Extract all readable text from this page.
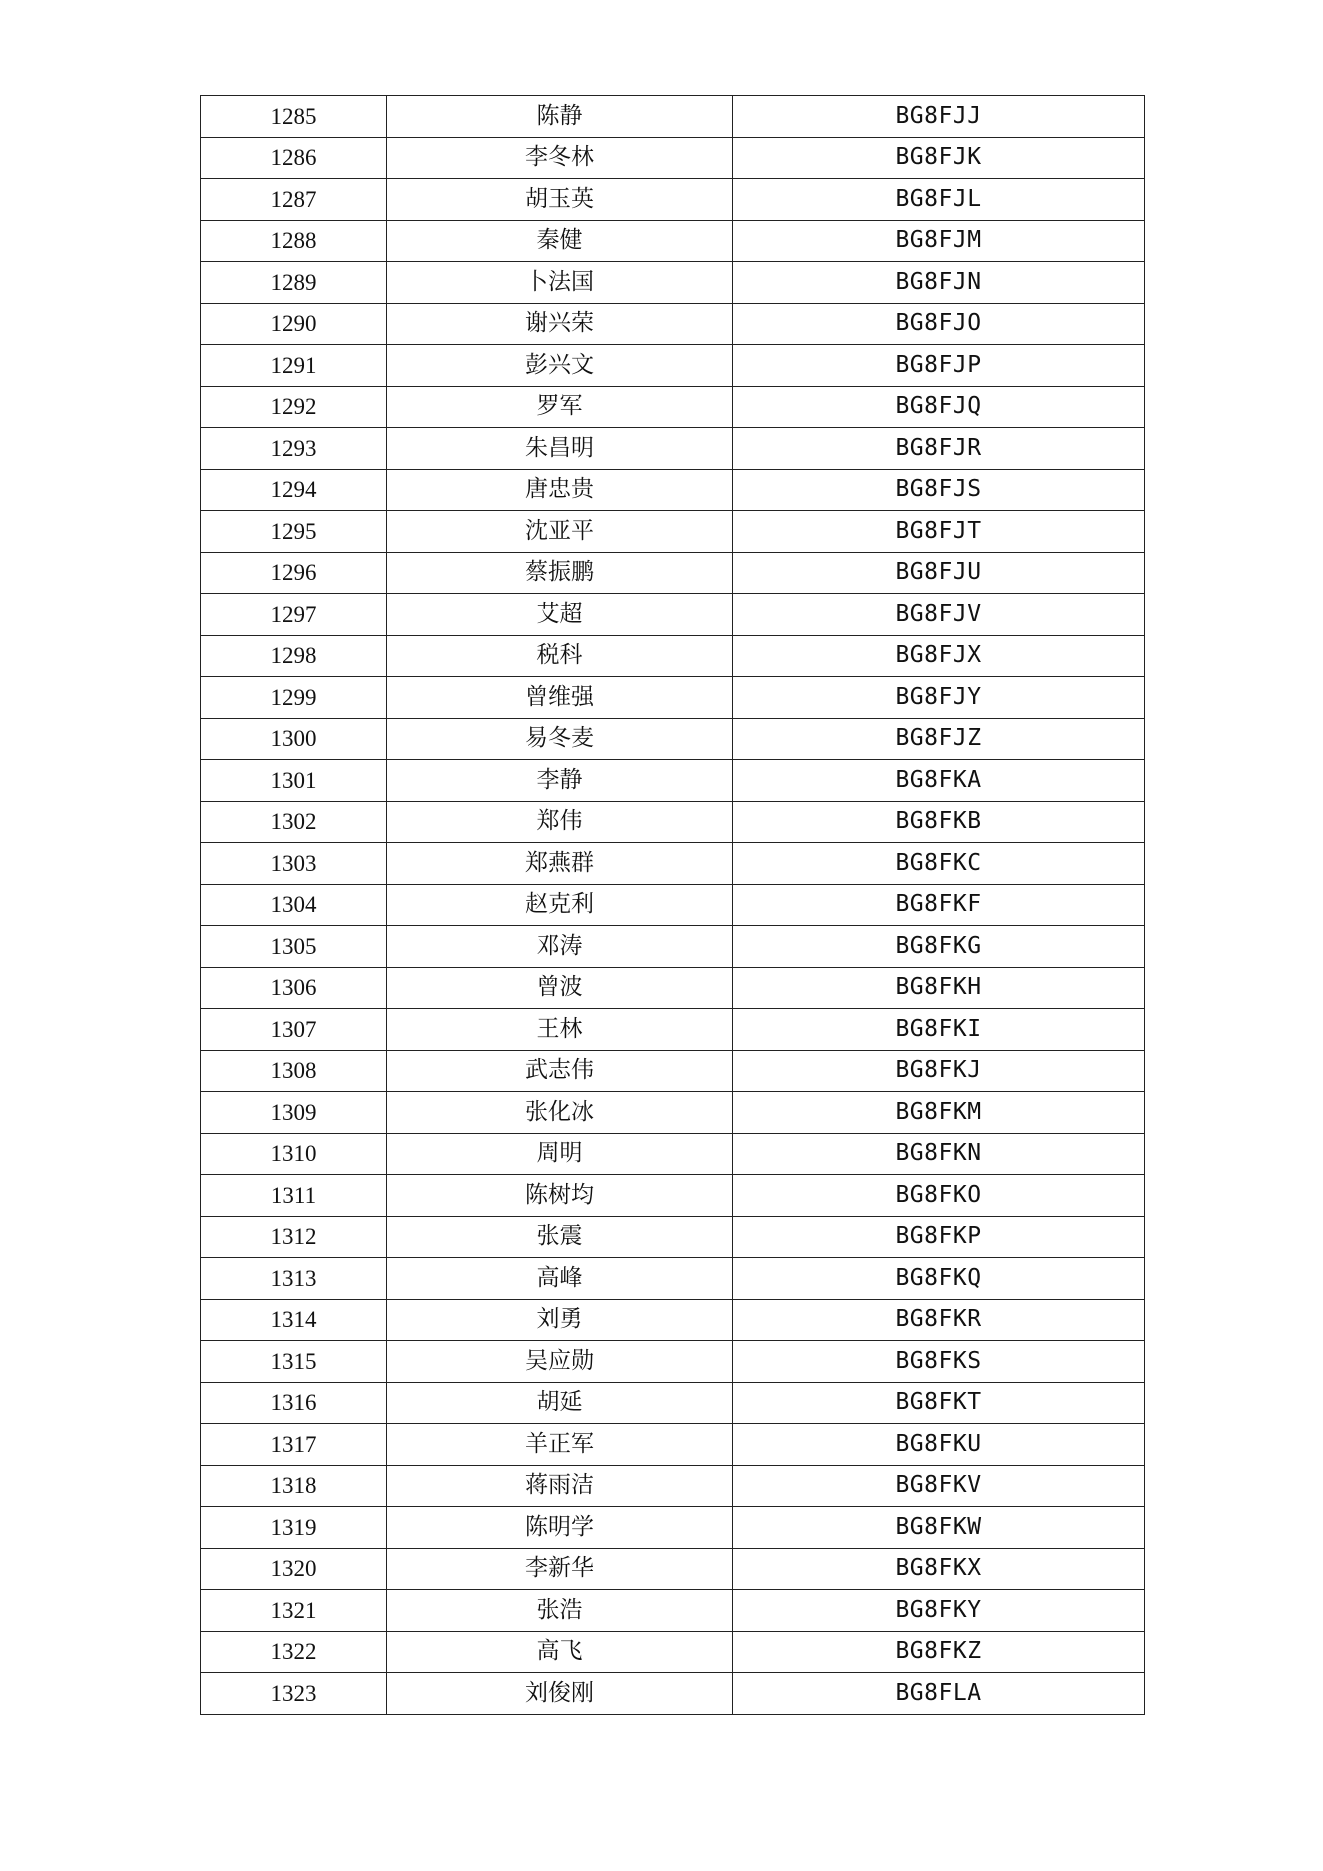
1285	陈静	BG8FJJ
1286	李冬林	BG8FJK
1287	胡玉英	BG8FJL
1288	秦健	BG8FJM
1289	卜法国	BG8FJN
1290	谢兴荣	BG8FJO
1291	彭兴文	BG8FJP
1292	罗军	BG8FJQ
1293	朱昌明	BG8FJR
1294	唐忠贵	BG8FJS
1295	沈亚平	BG8FJT
1296	蔡振鹏	BG8FJU
1297	艾超	BG8FJV
1298	税科	BG8FJX
1299	曾维强	BG8FJY
1300	易冬麦	BG8FJZ
1301	李静	BG8FKA
1302	郑伟	BG8FKB
1303	郑燕群	BG8FKC
1304	赵克利	BG8FKF
1305	邓涛	BG8FKG
1306	曾波	BG8FKH
1307	王林	BG8FKI
1308	武志伟	BG8FKJ
1309	张化冰	BG8FKM
1310	周明	BG8FKN
1311	陈树均	BG8FKO
1312	张震	BG8FKP
1313	高峰	BG8FKQ
1314	刘勇	BG8FKR
1315	吴应勋	BG8FKS
1316	胡延	BG8FKT
1317	羊正军	BG8FKU
1318	蒋雨洁	BG8FKV
1319	陈明学	BG8FKW
1320	李新华	BG8FKX
1321	张浩	BG8FKY
1322	高飞	BG8FKZ
1323	刘俊刚	BG8FLA
